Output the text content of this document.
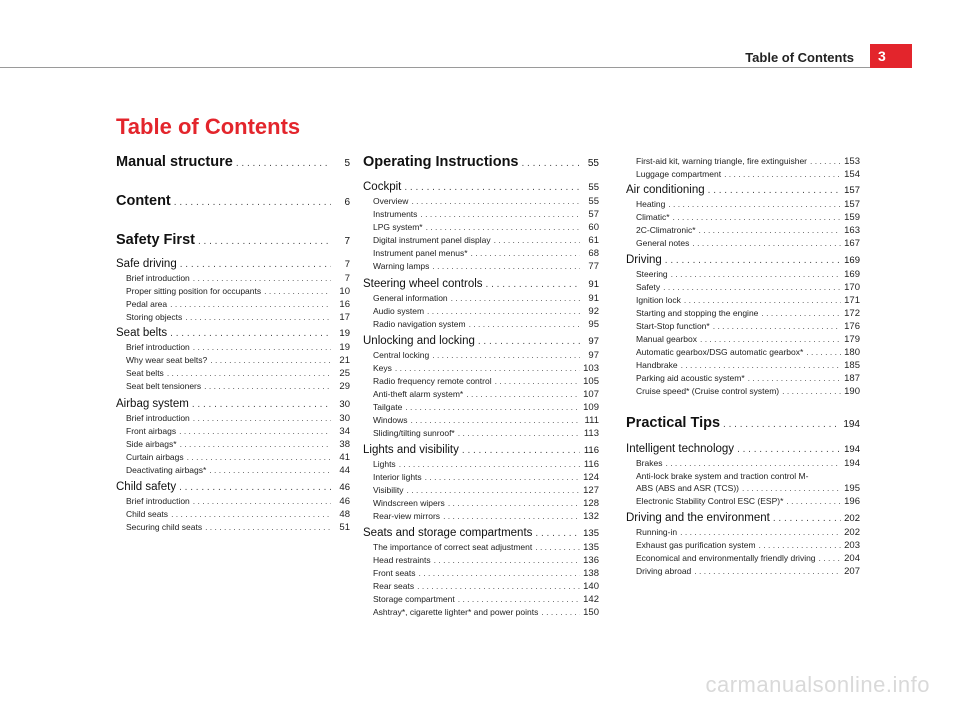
Table of Contents	3
Table of Contents
Manual structure . . .	5
Content . . .	6
Safety First . . .	7
Safe driving . . .	7
Brief introduction . . .	7
Proper sitting position for occupants . . .	10
Pedal area . . .	16
Storing objects . . .	17
Seat belts . . .	19
Brief introduction . . .	19
Why wear seat belts? . . .	21
Seat belts . . .	25
Seat belt tensioners . . .	29
Airbag system . . .	30
Brief introduction . . .	30
Front airbags . . .	34
Side airbags* . . .	38
Curtain airbags . . .	41
Deactivating airbags* . . .	44
Child safety . . .	46
Brief introduction . . .	46
Child seats . . .	48
Securing child seats . . .	51
Operating Instructions . . .	55
Cockpit . . .	55
Overview . . .	55
Instruments . . .	57
LPG system* . . .	60
Digital instrument panel display . . .	61
Instrument panel menus* . . .	68
Warning lamps . . .	77
Steering wheel controls . . .	91
General information . . .	91
Audio system . . .	92
Radio navigation system . . .	95
Unlocking and locking . . .	97
Central locking . . .	97
Keys . . .	103
Radio frequency remote control . . .	105
Anti-theft alarm system* . . .	107
Tailgate . . .	109
Windows . . .	111
Sliding/tilting sunroof* . . .	113
Lights and visibility . . .	116
Lights . . .	116
Interior lights . . .	124
Visibility . . .	127
Windscreen wipers . . .	128
Rear-view mirrors . . .	132
Seats and storage compartments . . .	135
The importance of correct seat adjustment . . .	135
Head restraints . . .	136
Front seats . . .	138
Rear seats . . .	140
Storage compartment . . .	142
Ashtray*, cigarette lighter* and power points . . .	150
First-aid kit, warning triangle, fire extinguisher . . .	153
Luggage compartment . . .	154
Air conditioning . . .	157
Heating . . .	157
Climatic* . . .	159
2C-Climatronic* . . .	163
General notes . . .	167
Driving . . .	169
Steering . . .	169
Safety . . .	170
Ignition lock . . .	171
Starting and stopping the engine . . .	172
Start-Stop function* . . .	176
Manual gearbox . . .	179
Automatic gearbox/DSG automatic gearbox* . . .	180
Handbrake . . .	185
Parking aid acoustic system* . . .	187
Cruise speed* (Cruise control system) . . .	190
Practical Tips . . .	194
Intelligent technology . . .	194
Brakes . . .	194
Anti-lock brake system and traction control M-
ABS (ABS and ASR (TCS)) . . .	195
Electronic Stability Control ESC (ESP)* . . .	196
Driving and the environment . . .	202
Running-in . . .	202
Exhaust gas purification system . . .	203
Economical and environmentally friendly driving . . .	204
Driving abroad . . .	207
carmanualsonline.info
